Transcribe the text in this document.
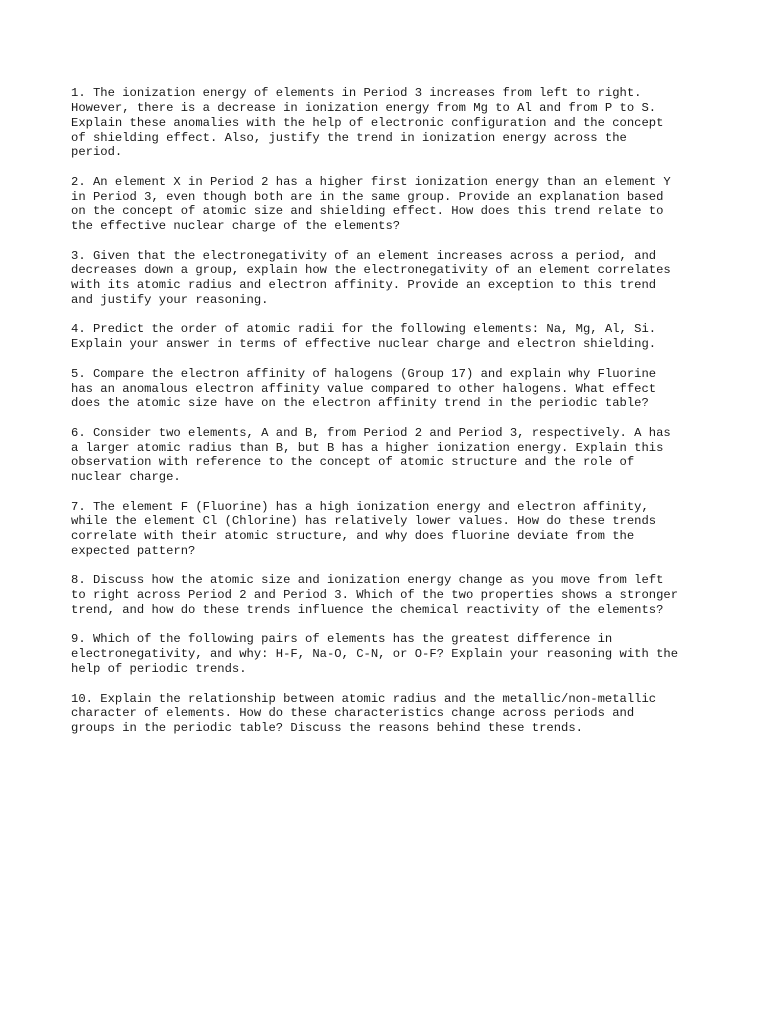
1. The ionization energy of elements in Period 3 increases from left to right.
However, there is a decrease in ionization energy from Mg to Al and from P to S.
Explain these anomalies with the help of electronic configuration and the concept
of shielding effect. Also, justify the trend in ionization energy across the
period.

2. An element X in Period 2 has a higher first ionization energy than an element Y
in Period 3, even though both are in the same group. Provide an explanation based
on the concept of atomic size and shielding effect. How does this trend relate to
the effective nuclear charge of the elements?

3. Given that the electronegativity of an element increases across a period, and
decreases down a group, explain how the electronegativity of an element correlates
with its atomic radius and electron affinity. Provide an exception to this trend
and justify your reasoning.

4. Predict the order of atomic radii for the following elements: Na, Mg, Al, Si.
Explain your answer in terms of effective nuclear charge and electron shielding.

5. Compare the electron affinity of halogens (Group 17) and explain why Fluorine
has an anomalous electron affinity value compared to other halogens. What effect
does the atomic size have on the electron affinity trend in the periodic table?

6. Consider two elements, A and B, from Period 2 and Period 3, respectively. A has
a larger atomic radius than B, but B has a higher ionization energy. Explain this
observation with reference to the concept of atomic structure and the role of
nuclear charge.

7. The element F (Fluorine) has a high ionization energy and electron affinity,
while the element Cl (Chlorine) has relatively lower values. How do these trends
correlate with their atomic structure, and why does fluorine deviate from the
expected pattern?

8. Discuss how the atomic size and ionization energy change as you move from left
to right across Period 2 and Period 3. Which of the two properties shows a stronger
trend, and how do these trends influence the chemical reactivity of the elements?

9. Which of the following pairs of elements has the greatest difference in
electronegativity, and why: H-F, Na-O, C-N, or O-F? Explain your reasoning with the
help of periodic trends.

10. Explain the relationship between atomic radius and the metallic/non-metallic
character of elements. How do these characteristics change across periods and
groups in the periodic table? Discuss the reasons behind these trends.
